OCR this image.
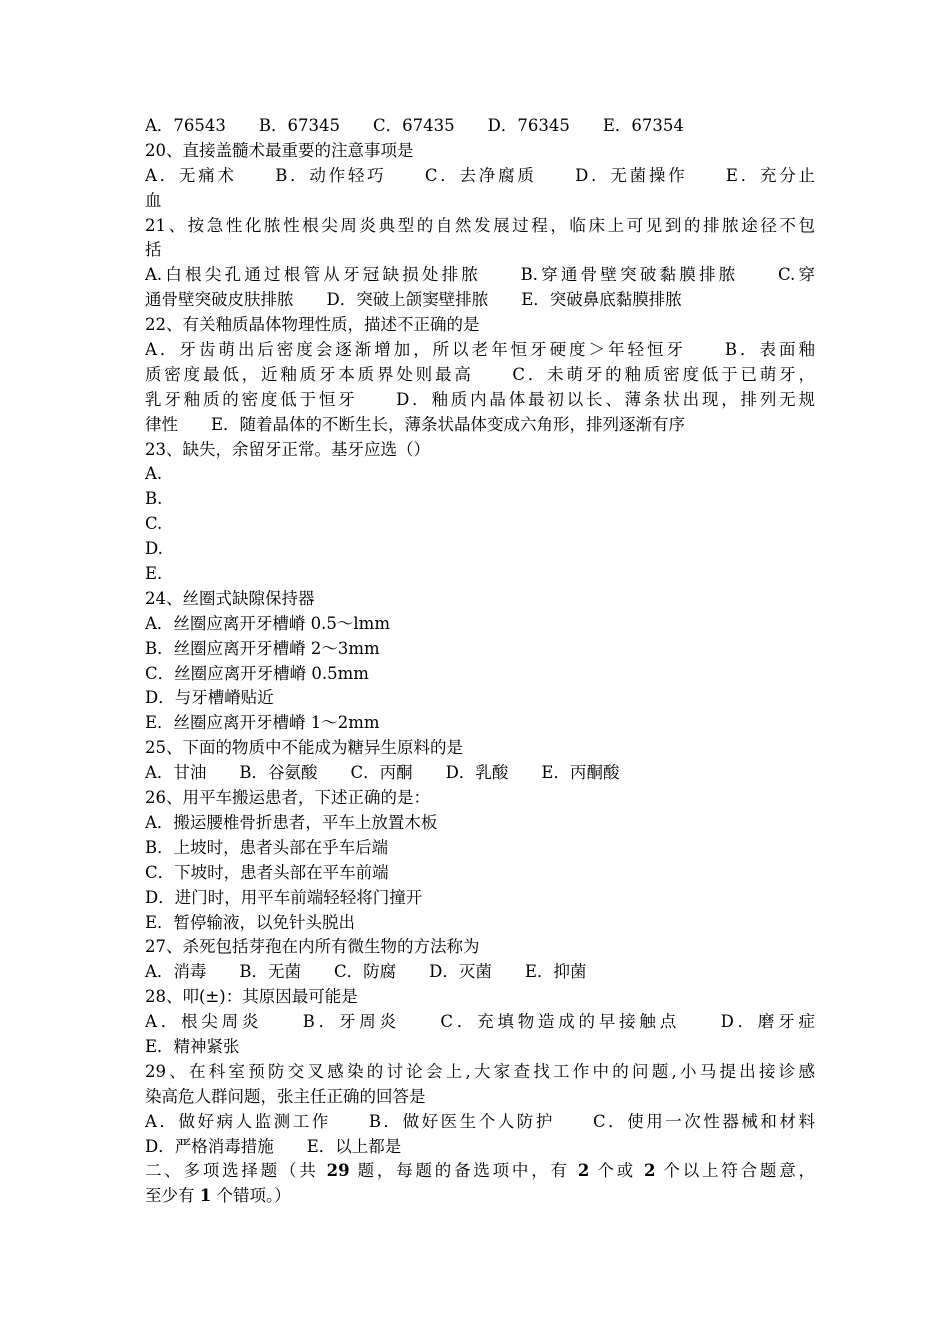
A．76543　　B．67345　　C．67435　　D．76345　　E．67354
20、直接盖髓术最重要的注意事项是
A．无痛术　　B．动作轻巧　　C．去净腐质　　D．无菌操作　　E．充分止
血
21、按急性化脓性根尖周炎典型的自然发展过程，临床上可见到的排脓途径不包
括
A.白根尖孔通过根管从牙冠缺损处排脓　　B.穿通骨壁突破黏膜排脓　　C.穿
通骨壁突破皮肤排脓　　D．突破上颌窦壁排脓　　E．突破鼻底黏膜排脓
22、有关釉质晶体物理性质，描述不正确的是
A．牙齿萌出后密度会逐渐增加，所以老年恒牙硬度＞年轻恒牙　　B．表面釉
质密度最低，近釉质牙本质界处则最高　　C．未萌牙的釉质密度低于已萌牙，
乳牙釉质的密度低于恒牙　　D．釉质内晶体最初以长、薄条状出现，排列无规
律性　　E．随着晶体的不断生长，薄条状晶体变成六角形，排列逐渐有序
23、缺失，余留牙正常。基牙应选（）
A.
B.
C.
D.
E.
24、丝圈式缺隙保持器
A．丝圈应离开牙槽嵴 0.5～lmm
B．丝圈应离开牙槽嵴 2～3mm
C．丝圈应离开牙槽嵴 0.5mm
D．与牙槽嵴贴近
E．丝圈应离开牙槽嵴 1～2mm
25、下面的物质中不能成为糖异生原料的是
A．甘油　　B．谷氨酸　　C．丙酮　　D．乳酸　　E．丙酮酸
26、用平车搬运患者，下述正确的是：
A．搬运腰椎骨折患者，平车上放置木板
B．上坡时，患者头部在乎车后端
C．下坡时，患者头部在平车前端
D．进门时，用平车前端轻轻将门撞开
E．暂停输液，以免针头脱出
27、杀死包括芽孢在内所有微生物的方法称为
A．消毒　　B．无菌　　C．防腐　　D．灭菌　　E．抑菌
28、叩(±)：其原因最可能是
A．根尖周炎　　B．牙周炎　　C．充填物造成的早接触点　　D．磨牙症
E．精神紧张
29、在科室预防交叉感染的讨论会上,大家查找工作中的问题,小马提出接诊感
染高危人群问题，张主任正确的回答是
A．做好病人监测工作　　B．做好医生个人防护　　C．使用一次性器械和材料
D．严格消毒措施　　E．以上都是
二、多项选择题（共 29 题，每题的备选项中，有 2 个或 2 个以上符合题意，
至少有 1 个错项。）
